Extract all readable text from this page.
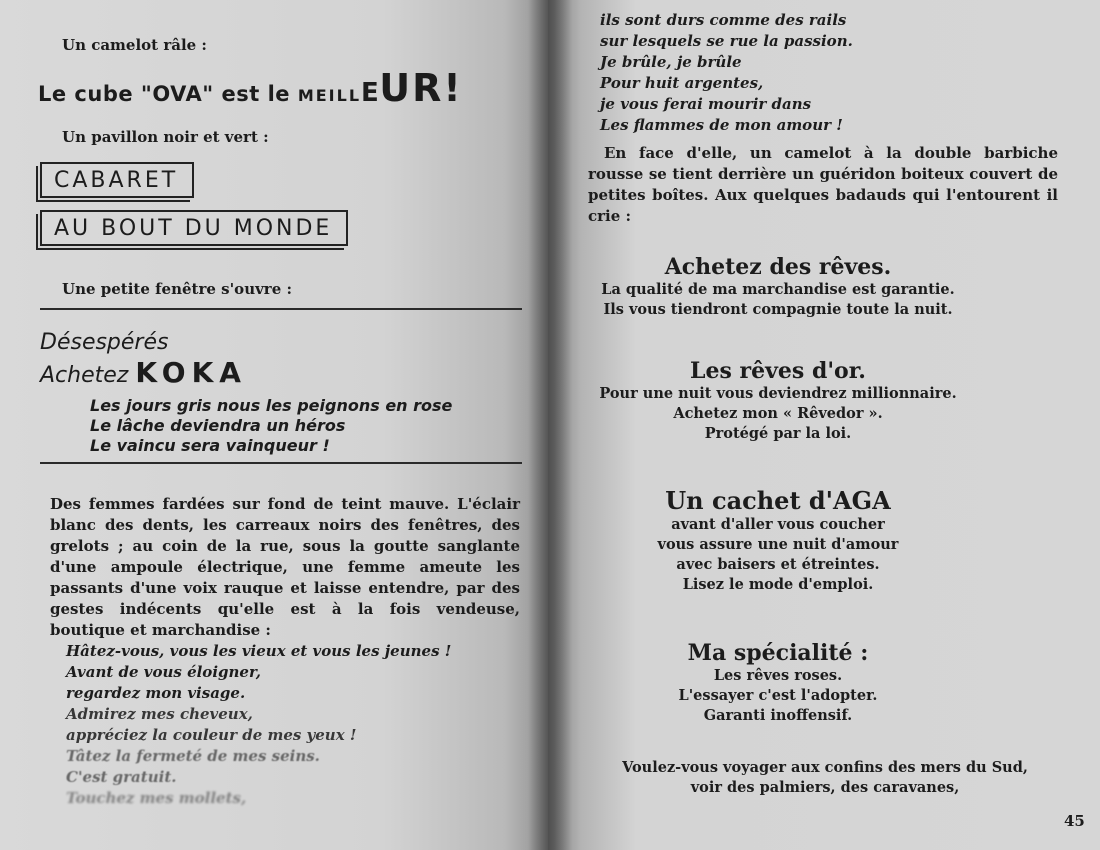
Un camelot râle :

Le cube "OVA" est le MEILLEUR!

Un pavillon noir et vert :

CABARET
AU BOUT DU MONDE

Une petite fenêtre s'ouvre :

Désespérés

Achetez KOKA

Les jours gris nous les peignons en rose
Le lâche deviendra un héros
Le vaincu sera vainqueur !

Des femmes fardées sur fond de teint mauve. L'éclair blanc des dents, les carreaux noirs des fenêtres, des grelots ; au coin de la rue, sous la goutte sanglante d'une ampoule électrique, une femme ameute les passants d'une voix rauque et laisse entendre, par des gestes indécents qu'elle est à la fois vendeuse, boutique et marchandise :

Hâtez-vous, vous les vieux et vous les jeunes !
Avant de vous éloigner,
regardez mon visage.
Admirez mes cheveux,
appréciez la couleur de mes yeux !
Tâtez la fermeté de mes seins.
C'est gratuit.
Touchez mes mollets,
ils sont durs comme des rails
sur lesquels se rue la passion.
Je brûle, je brûle
Pour huit argentes,
je vous ferai mourir dans
Les flammes de mon amour !

En face d'elle, un camelot à la double barbiche rousse se tient derrière un guéridon boiteux couvert de petites boîtes. Aux quelques badauds qui l'entourent il crie :

Achetez des rêves.
La qualité de ma marchandise est garantie.
Ils vous tiendront compagnie toute la nuit.
Les rêves d'or.
Pour une nuit vous deviendrez millionnaire.
Achetez mon « Rêvedor ».
Protégé par la loi.
Un cachet d'AGA
avant d'aller vous coucher
vous assure une nuit d'amour
avec baisers et étreintes.
Lisez le mode d'emploi.
Ma spécialité :
Les rêves roses.
L'essayer c'est l'adopter.
Garanti inoffensif.
Voulez-vous voyager aux confins des mers du Sud,
voir des palmiers, des caravanes,

45
